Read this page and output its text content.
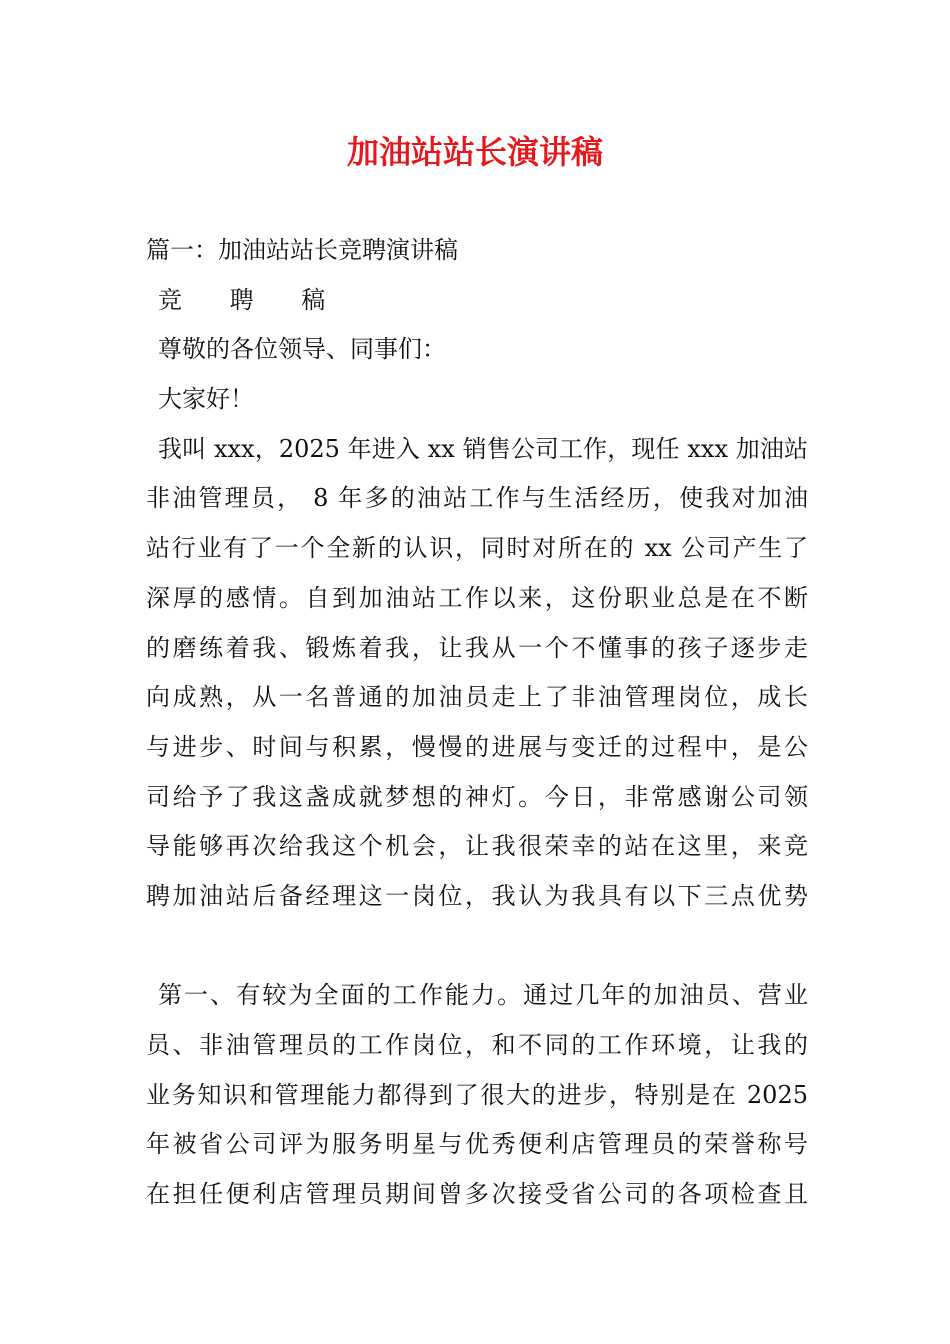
加油站站长演讲稿
篇一：加油站站长竞聘演讲稿
竞 聘 稿
尊敬的各位领导、同事们：
大家好！
我叫 xxx，2025 年进入 xx 销售公司工作，现任 xxx 加油站
非油管理员， 8 年多的油站工作与生活经历，使我对加油
站行业有了一个全新的认识，同时对所在的 xx 公司产生了
深厚的感情。自到加油站工作以来，这份职业总是在不断
的磨练着我、锻炼着我，让我从一个不懂事的孩子逐步走
向成熟，从一名普通的加油员走上了非油管理岗位，成长
与进步、时间与积累，慢慢的进展与变迁的过程中，是公
司给予了我这盏成就梦想的神灯。今日，非常感谢公司领
导能够再次给我这个机会，让我很荣幸的站在这里，来竞
聘加油站后备经理这一岗位，我认为我具有以下三点优势
第一、有较为全面的工作能力。通过几年的加油员、营业
员、非油管理员的工作岗位，和不同的工作环境，让我的
业务知识和管理能力都得到了很大的进步，特别是在 2025
年被省公司评为服务明星与优秀便利店管理员的荣誉称号
在担任便利店管理员期间曾多次接受省公司的各项检查且
